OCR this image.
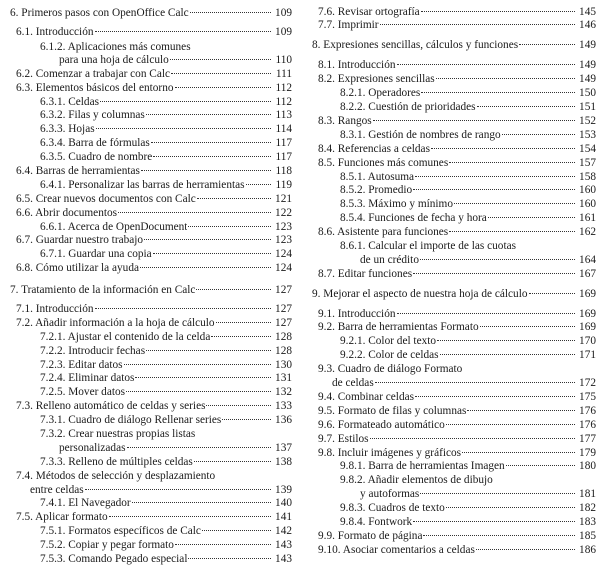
6. Primeros pasos con OpenOffice Calc	109
6.1. Introducción	109
6.1.2. Aplicaciones más comunes
para una hoja de cálculo	110
6.2. Comenzar a trabajar con Calc	111
6.3. Elementos básicos del entorno	112
6.3.1. Celdas	112
6.3.2. Filas y columnas	113
6.3.3. Hojas	114
6.3.4. Barra de fórmulas	117
6.3.5. Cuadro de nombre	117
6.4. Barras de herramientas	118
6.4.1. Personalizar las barras de herramientas	119
6.5. Crear nuevos documentos con Calc	121
6.6. Abrir documentos	122
6.6.1. Acerca de OpenDocument	123
6.7. Guardar nuestro trabajo	123
6.7.1. Guardar una copia	124
6.8. Cómo utilizar la ayuda	124
7. Tratamiento de la información en Calc	127
7.1. Introducción	127
7.2. Añadir información a la hoja de cálculo	127
7.2.1. Ajustar el contenido de la celda	128
7.2.2. Introducir fechas	128
7.2.3. Editar datos	130
7.2.4. Eliminar datos	131
7.2.5. Mover datos	132
7.3. Relleno automático de celdas y series	133
7.3.1. Cuadro de diálogo Rellenar series	136
7.3.2. Crear nuestras propias listas
personalizadas	137
7.3.3. Relleno de múltiples celdas	138
7.4. Métodos de selección y desplazamiento
entre celdas	139
7.4.1. El Navegador	140
7.5. Aplicar formato	141
7.5.1. Formatos específicos de Calc	142
7.5.2. Copiar y pegar formato	143
7.5.3. Comando Pegado especial	143
7.6. Revisar ortografía	145
7.7. Imprimir	146
8. Expresiones sencillas, cálculos y funciones	149
8.1. Introducción	149
8.2. Expresiones sencillas	149
8.2.1. Operadores	150
8.2.2. Cuestión de prioridades	151
8.3. Rangos	152
8.3.1. Gestión de nombres de rango	153
8.4. Referencias a celdas	154
8.5. Funciones más comunes	157
8.5.1. Autosuma	158
8.5.2. Promedio	160
8.5.3. Máximo y mínimo	160
8.5.4. Funciones de fecha y hora	161
8.6. Asistente para funciones	162
8.6.1. Calcular el importe de las cuotas
de un crédito	164
8.7. Editar funciones	167
9. Mejorar el aspecto de nuestra hoja de cálculo	169
9.1. Introducción	169
9.2. Barra de herramientas Formato	169
9.2.1. Color del texto	170
9.2.2. Color de celdas	171
9.3. Cuadro de diálogo Formato
de celdas	172
9.4. Combinar celdas	175
9.5. Formato de filas y columnas	176
9.6. Formateado automático	176
9.7. Estilos	177
9.8. Incluir imágenes y gráficos	179
9.8.1. Barra de herramientas Imagen	180
9.8.2. Añadir elementos de dibujo
y autoformas	181
9.8.3. Cuadros de texto	182
9.8.4. Fontwork	183
9.9. Formato de página	185
9.10. Asociar comentarios a celdas	186
